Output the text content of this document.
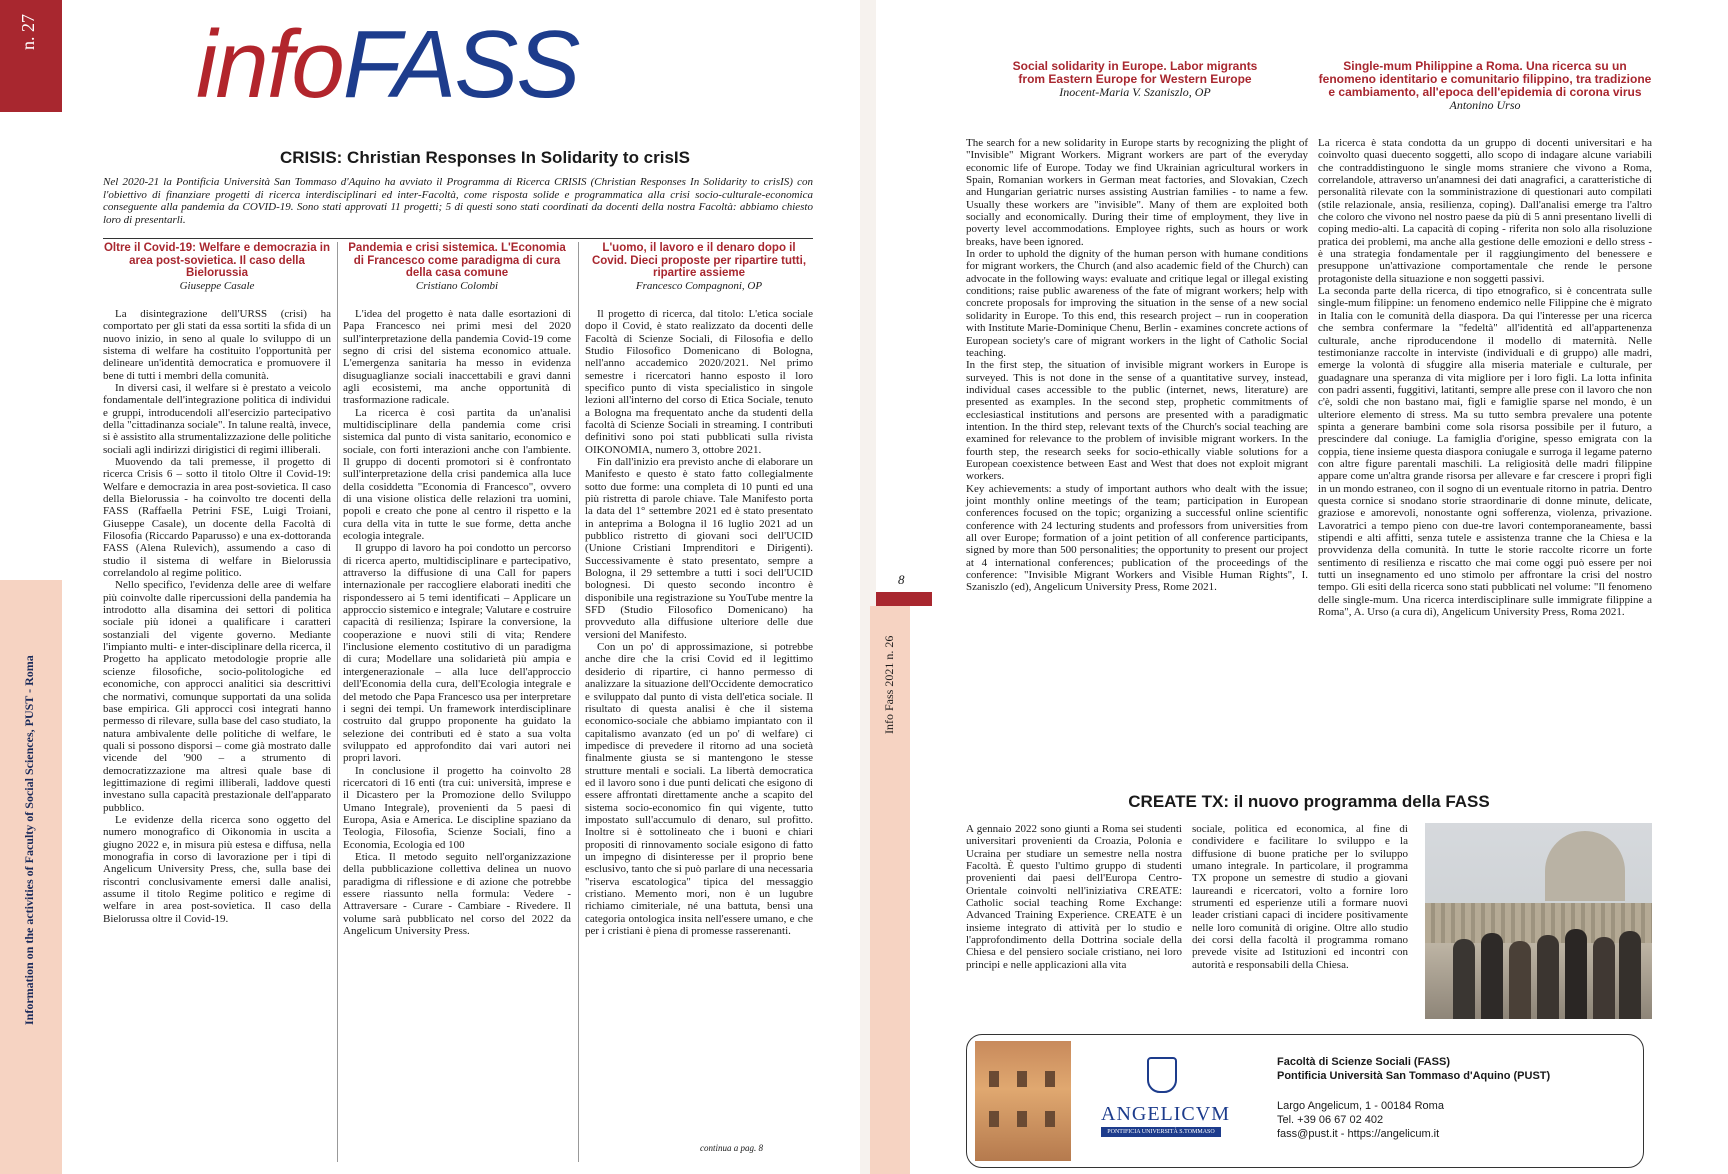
n. 27
Information on the activities of Faculty of Social Sciences, PUST - Roma
infoFASS
CRISIS: Christian Responses In Solidarity to crisIS
Nel 2020-21 la Pontificia Università San Tommaso d'Aquino ha avviato il Programma di Ricerca CRISIS (Christian Responses In Solidarity to crisIS) con l'obiettivo di finanziare progetti di ricerca interdisciplinari ed inter-Facoltà, come risposta solide e programmatica alla crisi socio-culturale-economica conseguente alla pandemia da COVID-19. Sono stati approvati 11 progetti; 5 di questi sono stati coordinati da docenti della nostra Facoltà: abbiamo chiesto loro di presentarli.
Oltre il Covid-19: Welfare e democrazia in area post-sovietica. Il caso della Bielorussia
Giuseppe Casale

La disintegrazione dell'URSS (crisi) ha comportato per gli stati da essa sortiti la sfida di un nuovo inizio, in seno al quale lo sviluppo di un sistema di welfare ha costituito l'opportunità per delineare un'identità democratica e promuovere il bene di tutti i membri della comunità.

In diversi casi, il welfare si è prestato a veicolo fondamentale dell'integrazione politica di individui e gruppi, introducendoli all'esercizio partecipativo della "cittadinanza sociale". In talune realtà, invece, si è assistito alla strumentalizzazione delle politiche sociali agli indirizzi dirigistici di regimi illiberali.

Muovendo da tali premesse, il progetto di ricerca Crisis 6 – sotto il titolo Oltre il Covid-19: Welfare e democrazia in area post-sovietica. Il caso della Bielorussia - ha coinvolto tre docenti della FASS (Raffaella Petrini FSE, Luigi Troiani, Giuseppe Casale), un docente della Facoltà di Filosofia (Riccardo Paparusso) e una ex-dottoranda FASS (Alena Rulevich), assumendo a caso di studio il sistema di welfare in Bielorussia correlandolo al regime politico.

Nello specifico, l'evidenza delle aree di welfare più coinvolte dalle ripercussioni della pandemia ha introdotto alla disamina dei settori di politica sociale più idonei a qualificare i caratteri sostanziali del vigente governo. Mediante l'impianto multi- e inter-disciplinare della ricerca, il Progetto ha applicato metodologie proprie alle scienze filosofiche, socio-politologiche ed economiche, con approcci analitici sia descrittivi che normativi, comunque supportati da una solida base empirica. Gli approcci così integrati hanno permesso di rilevare, sulla base del caso studiato, la natura ambivalente delle politiche di welfare, le quali si possono disporsi – come già mostrato dalle vicende del '900 – a strumento di democratizzazione ma altresì quale base di legittimazione di regimi illiberali, laddove questi investano sulla capacità prestazionale dell'apparato pubblico.

Le evidenze della ricerca sono oggetto del numero monografico di Oikonomia in uscita a giugno 2022 e, in misura più estesa e diffusa, nella monografia in corso di lavorazione per i tipi di Angelicum University Press, che, sulla base dei riscontri conclusivamente emersi dalle analisi, assume il titolo Regime politico e regime di welfare in area post-sovietica. Il caso della Bielorussa oltre il Covid-19.

Pandemia e crisi sistemica. L'Economia di Francesco come paradigma di cura della casa comune
Cristiano Colombi

L'idea del progetto è nata dalle esortazioni di Papa Francesco nei primi mesi del 2020 sull'interpretazione della pandemia Covid-19 come segno di crisi del sistema economico attuale. L'emergenza sanitaria ha messo in evidenza disuguaglianze sociali inaccettabili e gravi danni agli ecosistemi, ma anche opportunità di trasformazione radicale.

La ricerca è così partita da un'analisi multidisciplinare della pandemia come crisi sistemica dal punto di vista sanitario, economico e sociale, con forti interazioni anche con l'ambiente. Il gruppo di docenti promotori si è confrontato sull'interpretazione della crisi pandemica alla luce della cosiddetta "Economia di Francesco", ovvero di una visione olistica delle relazioni tra uomini, popoli e creato che pone al centro il rispetto e la cura della vita in tutte le sue forme, detta anche ecologia integrale.

Il gruppo di lavoro ha poi condotto un percorso di ricerca aperto, multidisciplinare e partecipativo, attraverso la diffusione di una Call for papers internazionale per raccogliere elaborati inediti che rispondessero ai 5 temi identificati – Applicare un approccio sistemico e integrale; Valutare e costruire capacità di resilienza; Ispirare la conversione, la cooperazione e nuovi stili di vita; Rendere l'inclusione elemento costitutivo di un paradigma di cura; Modellare una solidarietà più ampia e intergenerazionale – alla luce dell'approccio dell'Economia della cura, dell'Ecologia integrale e del metodo che Papa Francesco usa per interpretare i segni dei tempi. Un framework interdisciplinare costruito dal gruppo proponente ha guidato la selezione dei contributi ed è stato a sua volta sviluppato ed approfondito dai vari autori nei propri lavori.

In conclusione il progetto ha coinvolto 28 ricercatori di 16 enti (tra cui: università, imprese e il Dicastero per la Promozione dello Sviluppo Umano Integrale), provenienti da 5 paesi di Europa, Asia e America. Le discipline spaziano da Teologia, Filosofia, Scienze Sociali, fino a Economia, Ecologia ed 100

Etica. Il metodo seguito nell'organizzazione della pubblicazione collettiva delinea un nuovo paradigma di riflessione e di azione che potrebbe essere riassunto nella formula: Vedere - Attraversare - Curare - Cambiare - Rivedere. Il volume sarà pubblicato nel corso del 2022 da Angelicum University Press.

L'uomo, il lavoro e il denaro dopo il Covid. Dieci proposte per ripartire tutti, ripartire assieme
Francesco Compagnoni, OP

Il progetto di ricerca, dal titolo: L'etica sociale dopo il Covid, è stato realizzato da docenti delle Facoltà di Scienze Sociali, di Filosofia e dello Studio Filosofico Domenicano di Bologna, nell'anno accademico 2020/2021. Nel primo semestre i ricercatori hanno esposto il loro specifico punto di vista specialistico in singole lezioni all'interno del corso di Etica Sociale, tenuto a Bologna ma frequentato anche da studenti della facoltà di Scienze Sociali in streaming. I contributi definitivi sono poi stati pubblicati sulla rivista OIKONOMIA, numero 3, ottobre 2021.

Fin dall'inizio era previsto anche di elaborare un Manifesto e questo è stato fatto collegialmente sotto due forme: una completa di 10 punti ed una più ristretta di parole chiave. Tale Manifesto porta la data del 1° settembre 2021 ed è stato presentato in anteprima a Bologna il 16 luglio 2021 ad un pubblico ristretto di giovani soci dell'UCID (Unione Cristiani Imprenditori e Dirigenti). Successivamente è stato presentato, sempre a Bologna, il 29 settembre a tutti i soci dell'UCID bolognesi. Di questo secondo incontro è disponibile una registrazione su YouTube mentre la SFD (Studio Filosofico Domenicano) ha provveduto alla diffusione ulteriore delle due versioni del Manifesto.

Con un po' di approssimazione, si potrebbe anche dire che la crisi Covid ed il legittimo desiderio di ripartire, ci hanno permesso di analizzare la situazione dell'Occidente democratico e sviluppato dal punto di vista dell'etica sociale. Il risultato di questa analisi è che il sistema economico-sociale che abbiamo impiantato con il capitalismo avanzato (ed un po' di welfare) ci impedisce di prevedere il ritorno ad una società finalmente giusta se si mantengono le stesse strutture mentali e sociali. La libertà democratica ed il lavoro sono i due punti delicati che esigono di essere affrontati direttamente anche a scapito del sistema socio-economico fin qui vigente, tutto impostato sull'accumulo di denaro, sul profitto. Inoltre si è sottolineato che i buoni e chiari propositi di rinnovamento sociale esigono di fatto un impegno di disinteresse per il proprio bene esclusivo, tanto che si può parlare di una necessaria "riserva escatologica" tipica del messaggio cristiano. Memento mori, non è un lugubre richiamo cimiteriale, né una battuta, bensì una categoria ontologica insita nell'essere umano, e che per i cristiani è piena di promesse rasserenanti.

continua a pag. 8
8
Info Fass 2021 n. 26
Social solidarity in Europe. Labor migrants from Eastern Europe for Western Europe
Inocent-Maria V. Szaniszlo, OP
Single-mum Philippine a Roma. Una ricerca su un fenomeno identitario e comunitario filippino, tra tradizione e cambiamento, all'epoca dell'epidemia di corona virus
Antonino Urso

The search for a new solidarity in Europe starts by recognizing the plight of "Invisible" Migrant Workers. Migrant workers are part of the everyday economic life of Europe. Today we find Ukrainian agricultural workers in Spain, Romanian workers in German meat factories, and Slovakian, Czech and Hungarian geriatric nurses assisting Austrian families - to name a few. Usually these workers are "invisible". Many of them are exploited both socially and economically. During their time of employment, they live in poverty level accommodations. Employee rights, such as hours or work breaks, have been ignored.

In order to uphold the dignity of the human person with humane conditions for migrant workers, the Church (and also academic field of the Church) can advocate in the following ways: evaluate and critique legal or illegal existing conditions; raise public awareness of the fate of migrant workers; help with concrete proposals for improving the situation in the sense of a new social solidarity in Europe. To this end, this research project – run in cooperation with Institute Marie-Dominique Chenu, Berlin - examines concrete actions of European society's care of migrant workers in the light of Catholic Social teaching.

In the first step, the situation of invisible migrant workers in Europe is surveyed. This is not done in the sense of a quantitative survey, instead, individual cases accessible to the public (internet, news, literature) are presented as examples. In the second step, prophetic commitments of ecclesiastical institutions and persons are presented with a paradigmatic intention. In the third step, relevant texts of the Church's social teaching are examined for relevance to the problem of invisible migrant workers. In the fourth step, the research seeks for socio-ethically viable solutions for a European coexistence between East and West that does not exploit migrant workers.

Key achievements: a study of important authors who dealt with the issue; joint monthly online meetings of the team; participation in European conferences focused on the topic; organizing a successful online scientific conference with 24 lecturing students and professors from universities from all over Europe; formation of a joint petition of all conference participants, signed by more than 500 personalities; the opportunity to present our project at 4 international conferences; publication of the proceedings of the conference: "Invisible Migrant Workers and Visible Human Rights", I. Szaniszlo (ed), Angelicum University Press, Rome 2021.

La ricerca è stata condotta da un gruppo di docenti universitari e ha coinvolto quasi duecento soggetti, allo scopo di indagare alcune variabili che contraddistinguono le single moms straniere che vivono a Roma, correlandole, attraverso un'anamnesi dei dati anagrafici, a caratteristiche di personalità rilevate con la somministrazione di questionari auto compilati (stile relazionale, ansia, resilienza, coping). Dall'analisi emerge tra l'altro che coloro che vivono nel nostro paese da più di 5 anni presentano livelli di coping medio-alti. La capacità di coping - riferita non solo alla risoluzione pratica dei problemi, ma anche alla gestione delle emozioni e dello stress - è una strategia fondamentale per il raggiungimento del benessere e presuppone un'attivazione comportamentale che rende le persone protagoniste della situazione e non soggetti passivi.

La seconda parte della ricerca, di tipo etnografico, si è concentrata sulle single-mum filippine: un fenomeno endemico nelle Filippine che è migrato in Italia con le comunità della diaspora. Da qui l'interesse per una ricerca che sembra confermare la "fedeltà" all'identità ed all'appartenenza culturale, anche riproducendone il modello di maternità. Nelle testimonianze raccolte in interviste (individuali e di gruppo) alle madri, emerge la volontà di sfuggire alla miseria materiale e culturale, per guadagnare una speranza di vita migliore per i loro figli. La lotta infinita con padri assenti, fuggitivi, latitanti, sempre alle prese con il lavoro che non c'è, soldi che non bastano mai, figli e famiglie sparse nel mondo, è un ulteriore elemento di stress. Ma su tutto sembra prevalere una potente spinta a generare bambini come sola risorsa possibile per il futuro, a prescindere dal coniuge. La famiglia d'origine, spesso emigrata con la coppia, tiene insieme questa diaspora coniugale e surroga il legame paterno con altre figure parentali maschili. La religiosità delle madri filippine appare come un'altra grande risorsa per allevare e far crescere i propri figli in un mondo estraneo, con il sogno di un eventuale ritorno in patria. Dentro questa cornice si snodano storie straordinarie di donne minute, delicate, graziose e amorevoli, nonostante ogni sofferenza, violenza, privazione. Lavoratrici a tempo pieno con due-tre lavori contemporaneamente, bassi stipendi e alti affitti, senza tutele e assistenza tranne che la Chiesa e la provvidenza della comunità. In tutte le storie raccolte ricorre un forte sentimento di resilienza e riscatto che mai come oggi può essere per noi tutti un insegnamento ed uno stimolo per affrontare la crisi del nostro tempo. Gli esiti della ricerca sono stati pubblicati nel volume: "Il fenomeno delle single-mum. Una ricerca interdisciplinare sulle immigrate filippine a Roma", A. Urso (a cura di), Angelicum University Press, Roma 2021.

CREATE TX: il nuovo programma della FASS
A gennaio 2022 sono giunti a Roma sei studenti universitari provenienti da Croazia, Polonia e Ucraina per studiare un semestre nella nostra Facoltà. È questo l'ultimo gruppo di studenti provenienti dai paesi dell'Europa Centro-Orientale coinvolti nell'iniziativa CREATE: Catholic social teaching Rome Exchange: Advanced Training Experience. CREATE è un insieme integrato di attività per lo studio e l'approfondimento della Dottrina sociale della Chiesa e del pensiero sociale cristiano, nei loro principi e nelle applicazioni alla vita
sociale, politica ed economica, al fine di condividere e facilitare lo sviluppo e la diffusione di buone pratiche per lo sviluppo umano integrale. In particolare, il programma TX propone un semestre di studio a giovani laureandi e ricercatori, volto a fornire loro strumenti ed esperienze utili a formare nuovi leader cristiani capaci di incidere positivamente nelle loro comunità di origine. Oltre allo studio dei corsi della facoltà il programma romano prevede visite ad Istituzioni ed incontri con autorità e responsabili della Chiesa.
ANGELICVM
PONTIFICIA UNIVERSITÀ S.TOMMASO D'AQUINO
Facoltà di Scienze Sociali (FASS)
Pontificia Università San Tommaso d'Aquino (PUST)
Largo Angelicum, 1 - 00184 Roma
Tel. +39 06 67 02 402
fass@pust.it - https://angelicum.it
